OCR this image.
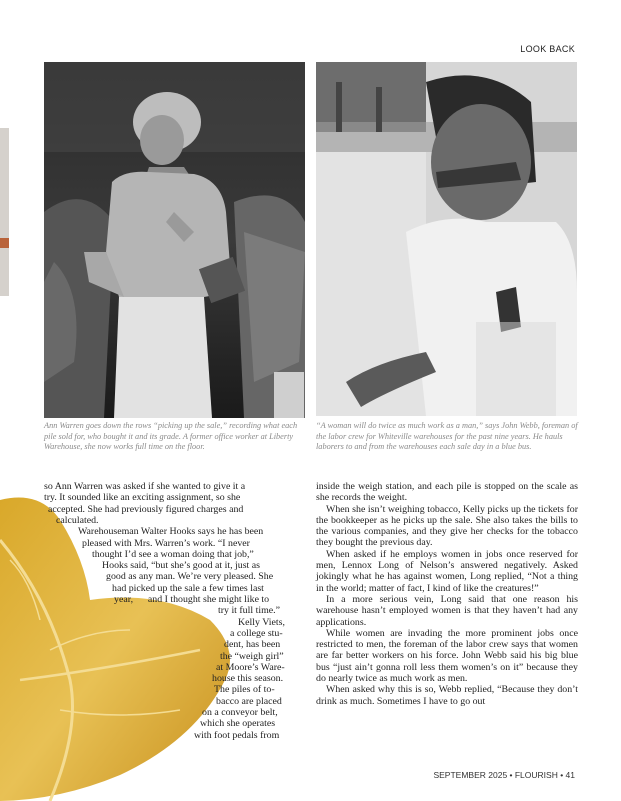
LOOK BACK
Ann Warren goes down the rows “picking up the sale,” recording what each pile sold for, who bought it and its grade. A former office worker at Liberty Warehouse, she now works full time on the floor.
“A woman will do twice as much work as a man,” says John Webb, foreman of the labor crew for Whiteville warehouses for the past nine years. He hauls laborers to and from the warehouses each sale day in a blue bus.

so Ann Warren was asked if she wanted to give it a

try. It sounded like an exciting assignment, so she

accepted. She had previously figured charges and

calculated.

Warehouseman Walter Hooks says he has been

pleased with Mrs. Warren’s work. “I never

thought I’d see a woman doing that job,”

Hooks said, “but she’s good at it, just as

good as any man. We’re very pleased. She

had picked up the sale a few times last

year,      and I thought she might like to

try it full time.”

Kelly Viets,

a college stu-

dent, has been

the “weigh girl”

at Moore’s Ware-

house this season.

The piles of to-

bacco are placed

on a conveyor belt,

which she operates

with foot pedals from

inside the weigh station, and each pile is stopped on the scale as she records the weight.

When she isn’t weighing tobacco, Kelly picks up the tickets for the bookkeeper as he picks up the sale. She also takes the bills to the various companies, and they give her checks for the tobacco they bought the previous day.

When asked if he employs women in jobs once reserved for men, Lennox Long of Nelson’s answered negatively. Asked jokingly what he has against women, Long replied, “Not a thing in the world; matter of fact, I kind of like the creatures!”

In a more serious vein, Long said that one reason his warehouse hasn’t employed women is that they haven’t had any applications.

While women are invading the more prominent jobs once restricted to men, the foreman of the labor crew says that women are far better workers on his force. John Webb said his big blue bus “just ain’t gonna roll less them women’s on it” because they do nearly twice as much work as men.

When asked why this is so, Webb replied, “Because they don’t drink as much. Sometimes I have to go out

SEPTEMBER 2025 • FLOURISH • 41
